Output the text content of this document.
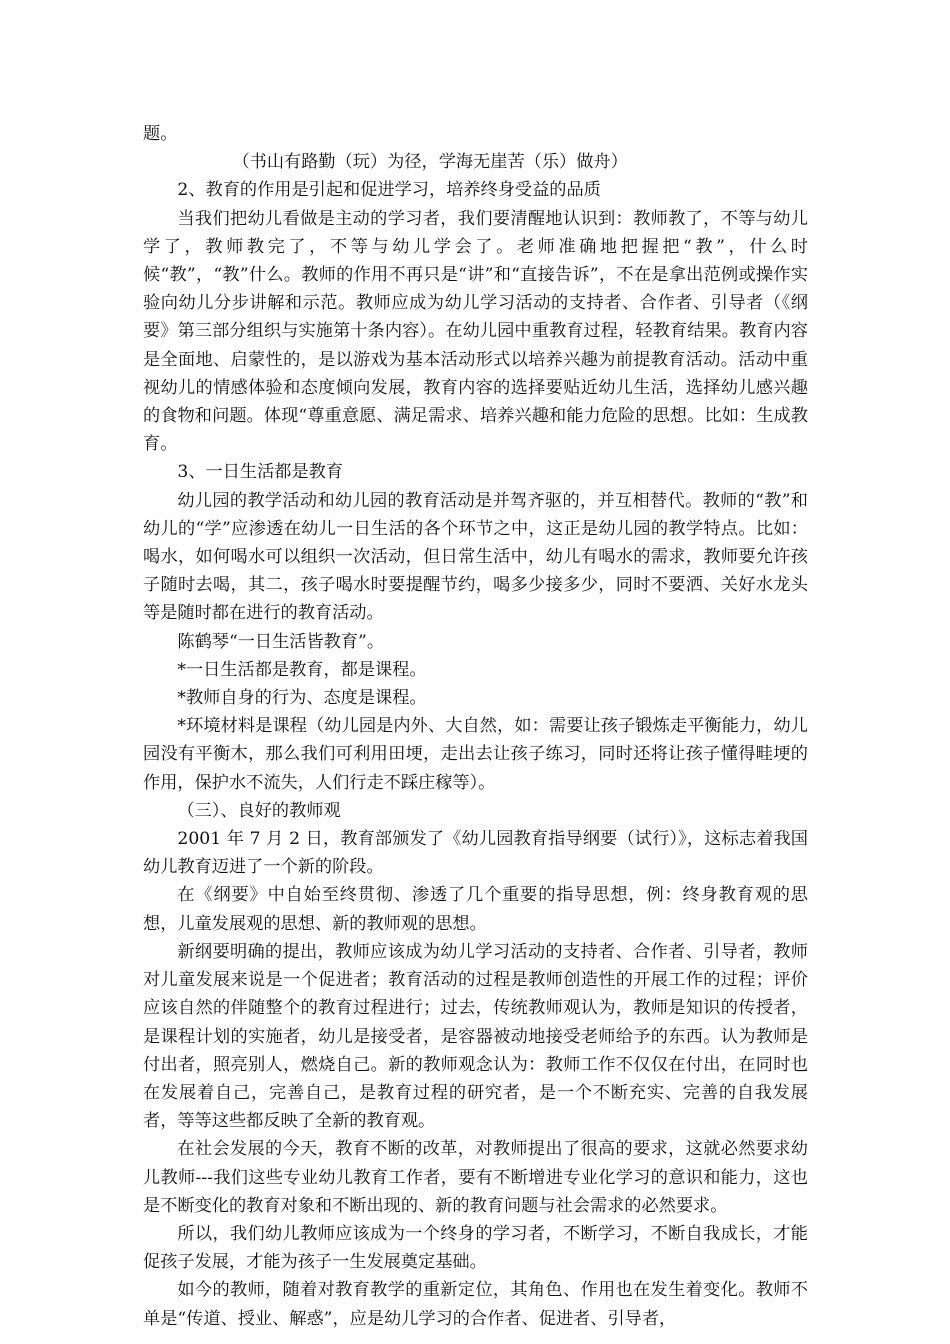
题。

（书山有路勤（玩）为径，学海无崖苦（乐）做舟）

2、教育的作用是引起和促进学习，培养终身受益的品质

当我们把幼儿看做是主动的学习者，我们要清醒地认识到：教师教了，不等与幼儿学了，教师教完了，不等与幼儿学会了。老师准确地把握把“教”，什么时候“教”，“教”什么。教师的作用不再只是“讲”和“直接告诉”，不在是拿出范例或操作实验向幼儿分步讲解和示范。教师应成为幼儿学习活动的支持者、合作者、引导者（《纲要》第三部分组织与实施第十条内容）。在幼儿园中重教育过程，轻教育结果。教育内容是全面地、启蒙性的，是以游戏为基本活动形式以培养兴趣为前提教育活动。活动中重视幼儿的情感体验和态度倾向发展，教育内容的选择要贴近幼儿生活，选择幼儿感兴趣的食物和问题。体现“尊重意愿、满足需求、培养兴趣和能力危险的思想。比如：生成教育。

3、一日生活都是教育

幼儿园的教学活动和幼儿园的教育活动是并驾齐驱的，并互相替代。教师的“教”和幼儿的“学”应渗透在幼儿一日生活的各个环节之中，这正是幼儿园的教学特点。比如：喝水，如何喝水可以组织一次活动，但日常生活中，幼儿有喝水的需求，教师要允许孩子随时去喝，其二，孩子喝水时要提醒节约，喝多少接多少，同时不要洒、关好水龙头等是随时都在进行的教育活动。

陈鹤琴“一日生活皆教育”。

*一日生活都是教育，都是课程。

*教师自身的行为、态度是课程。

*环境材料是课程（幼儿园是内外、大自然，如：需要让孩子锻炼走平衡能力，幼儿园没有平衡木，那么我们可利用田埂，走出去让孩子练习，同时还将让孩子懂得畦埂的作用，保护水不流失，人们行走不踩庄稼等）。

（三）、良好的教师观

2001 年 7 月 2 日，教育部颁发了《幼儿园教育指导纲要（试行）》，这标志着我国幼儿教育迈进了一个新的阶段。

在《纲要》中自始至终贯彻、渗透了几个重要的指导思想，例：终身教育观的思想，儿童发展观的思想、新的教师观的思想。

新纲要明确的提出，教师应该成为幼儿学习活动的支持者、合作者、引导者，教师对儿童发展来说是一个促进者；教育活动的过程是教师创造性的开展工作的过程；评价应该自然的伴随整个的教育过程进行；过去，传统教师观认为，教师是知识的传授者，是课程计划的实施者，幼儿是接受者，是容器被动地接受老师给予的东西。认为教师是付出者，照亮别人，燃烧自己。新的教师观念认为：教师工作不仅仅在付出，在同时也在发展着自己，完善自己，是教育过程的研究者，是一个不断充实、完善的自我发展者，等等这些都反映了全新的教育观。

在社会发展的今天，教育不断的改革，对教师提出了很高的要求，这就必然要求幼儿教师---我们这些专业幼儿教育工作者，要有不断增进专业化学习的意识和能力，这也是不断变化的教育对象和不断出现的、新的教育问题与社会需求的必然要求。

所以，我们幼儿教师应该成为一个终身的学习者，不断学习，不断自我成长，才能促孩子发展，才能为孩子一生发展奠定基础。

如今的教师，随着对教育教学的重新定位，其角色、作用也在发生着变化。教师不单是“传道、授业、解惑”，应是幼儿学习的合作者、促进者、引导者，
